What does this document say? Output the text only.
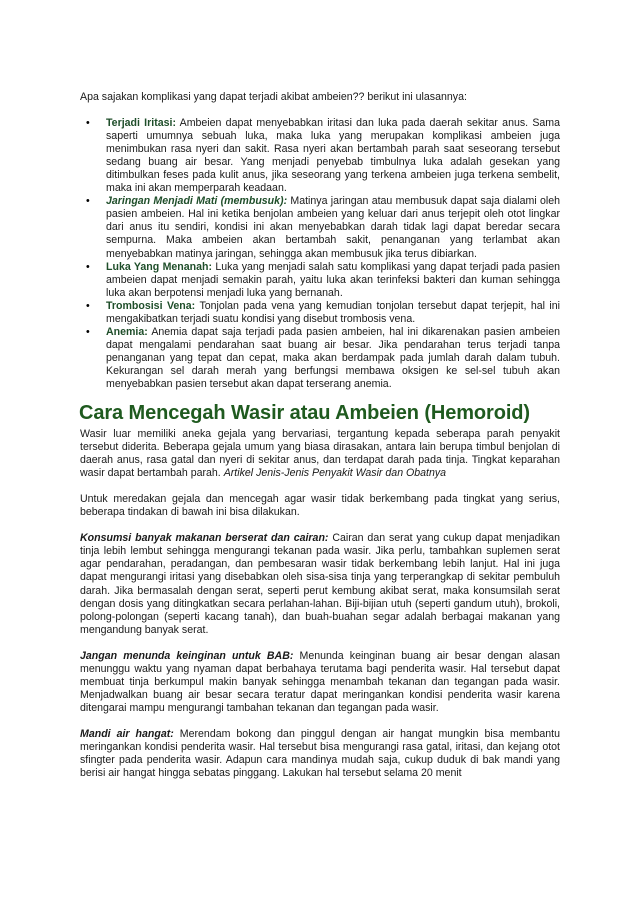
Apa sajakan komplikasi yang dapat terjadi akibat ambeien?? berikut ini ulasannya:

• Terjadi Iritasi: Ambeien dapat menyebabkan iritasi dan luka pada daerah sekitar anus. Sama saperti umumnya sebuah luka, maka luka yang merupakan komplikasi ambeien juga menimbukan rasa nyeri dan sakit. Rasa nyeri akan bertambah parah saat seseorang tersebut sedang buang air besar. Yang menjadi penyebab timbulnya luka adalah gesekan yang ditimbulkan feses pada kulit anus, jika seseorang yang terkena ambeien juga terkena sembelit, maka ini akan memperparah keadaan.
• Jaringan Menjadi Mati (membusuk): Matinya jaringan atau membusuk dapat saja dialami oleh pasien ambeien. Hal ini ketika benjolan ambeien yang keluar dari anus terjepit oleh otot lingkar dari anus itu sendiri, kondisi ini akan menyebabkan darah tidak lagi dapat beredar secara sempurna. Maka ambeien akan bertambah sakit, penanganan yang terlambat akan menyebabkan matinya jaringan, sehingga akan membusuk jika terus dibiarkan.
• Luka Yang Menanah: Luka yang menjadi salah satu komplikasi yang dapat terjadi pada pasien ambeien dapat menjadi semakin parah, yaitu luka akan terinfeksi bakteri dan kuman sehingga luka akan berpotensi menjadi luka yang bernanah.
• Trombosisi Vena: Tonjolan pada vena yang kemudian tonjolan tersebut dapat terjepit, hal ini mengakibatkan terjadi suatu kondisi yang disebut trombosis vena.
• Anemia: Anemia dapat saja terjadi pada pasien ambeien, hal ini dikarenakan pasien ambeien dapat mengalami pendarahan saat buang air besar. Jika pendarahan terus terjadi tanpa penanganan yang tepat dan cepat, maka akan berdampak pada jumlah darah dalam tubuh. Kekurangan sel darah merah yang berfungsi membawa oksigen ke sel-sel tubuh akan menyebabkan pasien tersebut akan dapat terserang anemia.
Cara Mencegah Wasir atau Ambeien (Hemoroid)

Wasir luar memiliki aneka gejala yang bervariasi, tergantung kepada seberapa parah penyakit tersebut diderita. Beberapa gejala umum yang biasa dirasakan, antara lain berupa timbul benjolan di daerah anus, rasa gatal dan nyeri di sekitar anus, dan terdapat darah pada tinja. Tingkat keparahan wasir dapat bertambah parah. Artikel Jenis-Jenis Penyakit Wasir dan Obatnya

Untuk meredakan gejala dan mencegah agar wasir tidak berkembang pada tingkat yang serius, beberapa tindakan di bawah ini bisa dilakukan.

Konsumsi banyak makanan berserat dan cairan: Cairan dan serat yang cukup dapat menjadikan tinja lebih lembut sehingga mengurangi tekanan pada wasir. Jika perlu, tambahkan suplemen serat agar pendarahan, peradangan, dan pembesaran wasir tidak berkembang lebih lanjut. Hal ini juga dapat mengurangi iritasi yang disebabkan oleh sisa-sisa tinja yang terperangkap di sekitar pembuluh darah. Jika bermasalah dengan serat, seperti perut kembung akibat serat, maka konsumsilah serat dengan dosis yang ditingkatkan secara perlahan-lahan. Biji-bijian utuh (seperti gandum utuh), brokoli, polong-polongan (seperti kacang tanah), dan buah-buahan segar adalah berbagai makanan yang mengandung banyak serat.

Jangan menunda keinginan untuk BAB: Menunda keinginan buang air besar dengan alasan menunggu waktu yang nyaman dapat berbahaya terutama bagi penderita wasir. Hal tersebut dapat membuat tinja berkumpul makin banyak sehingga menambah tekanan dan tegangan pada wasir. Menjadwalkan buang air besar secara teratur dapat meringankan kondisi penderita wasir karena ditengarai mampu mengurangi tambahan tekanan dan tegangan pada wasir.

Mandi air hangat: Merendam bokong dan pinggul dengan air hangat mungkin bisa membantu meringankan kondisi penderita wasir. Hal tersebut bisa mengurangi rasa gatal, iritasi, dan kejang otot sfingter pada penderita wasir. Adapun cara mandinya mudah saja, cukup duduk di bak mandi yang berisi air hangat hingga sebatas pinggang. Lakukan hal tersebut selama 20 menit
